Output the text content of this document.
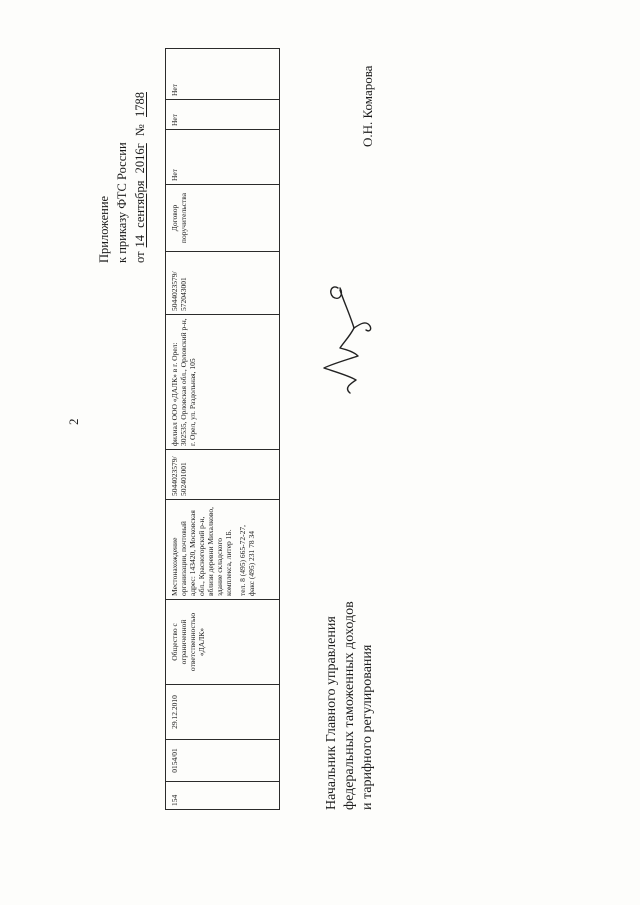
2
Приложение к приказу ФТС России от14 сентября 2016г № 1788
154
0154/01
29.12.2010
Общество с ограниченной ответственностью «ДАЛК»
Местонахождение организации, почтовый адрес: 143420, Московская обл., Красногорский р-н, вблизи деревни Михалково, здание складского комплекса, литер 1Б. тел. 8 (495) 665-72-27, факс (495) 231 78 34
5044023579/ 502401001
филиал ООО «ДАЛК» в г. Орел: 302535, Орловская обл., Орловский р-н, г. Орел, ул. Раздольная, 105
5044023579/ 572043001
Договор поручительства
Нет
Нет
Нет
Начальник Главного управления федеральных таможенных доходов и тарифного регулирования
О.Н. Комарова
